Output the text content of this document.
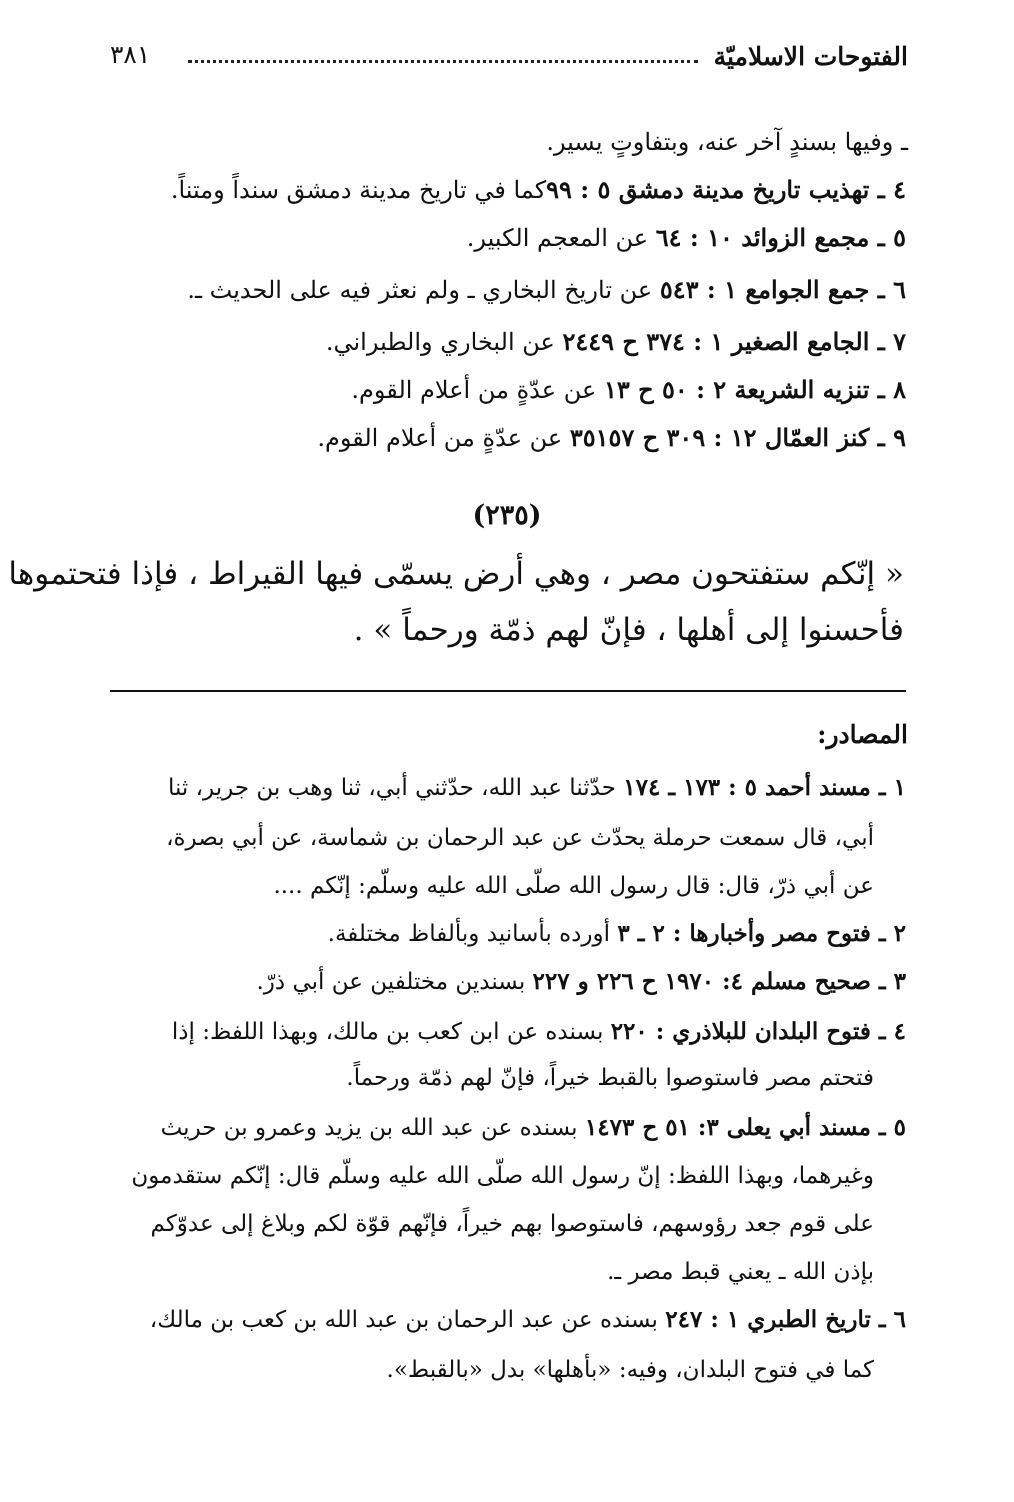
الفتوحات الاسلاميّة
٣٨١
ـ وفيها بسندٍ آخر عنه، وبتفاوتٍ يسير.
٤ ـ تهذيب تاريخ مدينة دمشق ٥ : ٩٩كما في تاريخ مدينة دمشق سنداً ومتناً.
٥ ـ مجمع الزوائد ١٠ : ٦٤ عن المعجم الكبير.
٦ ـ جمع الجوامع ١ : ٥٤٣ عن تاريخ البخاري ـ ولم نعثر فيه على الحديث ـ.
٧ ـ الجامع الصغير ١ : ٣٧٤ ح ٢٤٤٩ عن البخاري والطبراني.
٨ ـ تنزيه الشريعة ٢ : ٥٠ ح ١٣ عن عدّةٍ من أعلام القوم.
٩ ـ كنز العمّال ١٢ : ٣٠٩ ح ٣٥١٥٧ عن عدّةٍ من أعلام القوم.
(٢٣٥)
« إنّكم ستفتحون مصر ، وهي أرض يسمّى فيها القيراط ، فإذا فتحتموها
فأحسنوا إلى أهلها ، فإنّ لهم ذمّة ورحماً » .
المصادر:
١ ـ مسند أحمد ٥ : ١٧٣ ـ ١٧٤ حدّثنا عبد الله، حدّثني أبي، ثنا وهب بن جرير، ثنا
أبي، قال سمعت حرملة يحدّث عن عبد الرحمان بن شماسة، عن أبي بصرة،
عن أبي ذرّ، قال: قال رسول الله صلّى الله عليه وسلّم: إنّكم ....
٢ ـ فتوح مصر وأخبارها : ٢ ـ ٣ أورده بأسانيد وبألفاظ مختلفة.
٣ ـ صحيح مسلم ٤: ١٩٧٠ ح ٢٢٦ و ٢٢٧ بسندين مختلفين عن أبي ذرّ.
٤ ـ فتوح البلدان للبلاذري : ٢٢٠ بسنده عن ابن كعب بن مالك، وبهذا اللفظ: إذا
فتحتم مصر فاستوصوا بالقبط خيراً، فإنّ لهم ذمّة ورحماً.
٥ ـ مسند أبي يعلى ٣: ٥١ ح ١٤٧٣ بسنده عن عبد الله بن يزيد وعمرو بن حريث
وغيرهما، وبهذا اللفظ: إنّ رسول الله صلّى الله عليه وسلّم قال: إنّكم ستقدمون
على قوم جعد رؤوسهم، فاستوصوا بهم خيراً، فإنّهم قوّة لكم وبلاغ إلى عدوّكم
بإذن الله ـ يعني قبط مصر ـ.
٦ ـ تاريخ الطبري ١ : ٢٤٧ بسنده عن عبد الرحمان بن عبد الله بن كعب بن مالك،
كما في فتوح البلدان، وفيه: «بأهلها» بدل «بالقبط».
